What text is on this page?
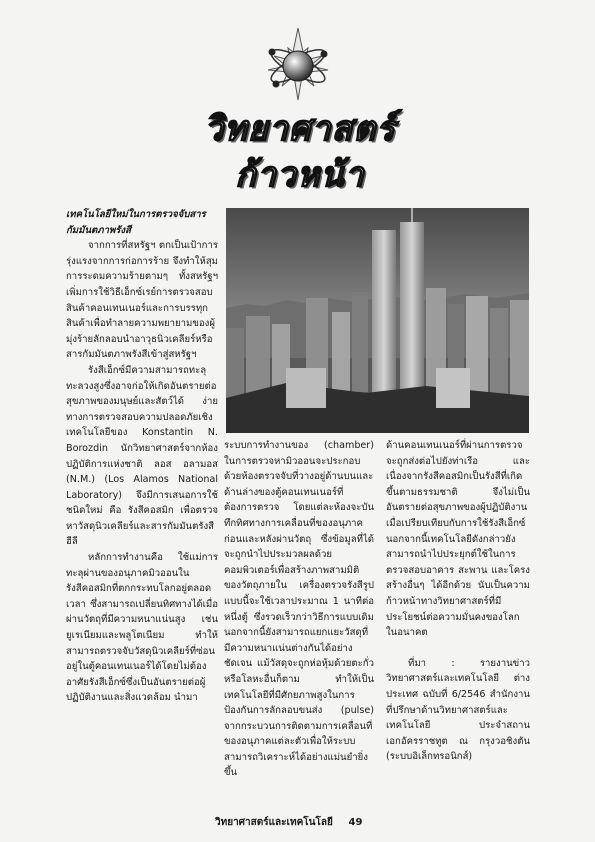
วิทยาศาสตร์ก้าวหน้า

เทคโนโลยีใหม่ในการตรวจจับสารกัมมันตภาพรังสี

จากการที่สหรัฐฯ ตกเป็นเป้าการรุ่งแรงจากการก่อการร้าย จึงทำให้สุมการระดมความร้ายตามๆ ทั้งสหรัฐฯ เพิ่มการใช้วิธีเอ็กซ์เรย์การตรวจสอบสินค้าคอนเทนเนอร์และการบรรทุกสินค้าเพื่อทำลายความพยายามของผู้มุ่งร้ายลักลอบนำอาวุธนิวเคลียร์หรือสารกัมมันตภาพรังสีเข้าสู่สหรัฐฯ

รังสีเอ็กซ์มีความสามารถทะลุทะลวงสูงซึ่งอาจก่อให้เกิดอันตรายต่อสุขภาพของมนุษย์และสัตว์ได้ ง่ายทางการตรวจสอบความปลอดภัยเชิงเทคโนโลยีของ Konstantin N. Borozdin นักวิทยาศาสตร์จากห้องปฏิบัติการแห่งชาติ ลอส อลามอส (N.M.) (Los Alamos National Laboratory) จึงมีการเสนอการใช้ชนิดใหม่ คือ รังสีคอสมิก เพื่อตรวจหาวัสดุนิวเคลียร์และสารกัมมันตรังสี ฮีลี

หลักการทำงานคือ ใช้แม่การทะลุผ่านของอนุภาคมิวออนในรังสีคอสมิกที่ตกกระทบโลกอยู่ตลอดเวลา ซึ่งสามารถเปลี่ยนทิศทางได้เมื่อผ่านวัตถุที่มีความหนาแน่นสูง เช่น ยูเรเนียมและพลูโตเนียม ทำให้สามารถตรวจจับวัสดุนิวเคลียร์ที่ซ่อนอยู่ในตู้คอนเทนเนอร์ได้โดยไม่ต้องอาศัยรังสีเอ็กซ์ซึ่งเป็นอันตรายต่อผู้ปฏิบัติงานและสิ่งแวดล้อม นำมา

ระบบการทำงานของ (chamber) ในการตรวจหามิวออนจะประกอบด้วยห้องตรวจจับที่วางอยู่ด้านบนและด้านล่างของตู้คอนเทนเนอร์ที่ต้องการตรวจ โดยแต่ละห้องจะบันทึกทิศทางการเคลื่อนที่ของอนุภาคก่อนและหลังผ่านวัตถุ ซึ่งข้อมูลที่ได้จะถูกนำไปประมวลผลด้วยคอมพิวเตอร์เพื่อสร้างภาพสามมิติของวัตถุภายใน เครื่องตรวจรังสีรูปแบบนี้จะใช้เวลาประมาณ 1 นาทีต่อหนึ่งตู้ ซึ่งรวดเร็วกว่าวิธีการแบบเดิม นอกจากนี้ยังสามารถแยกแยะวัสดุที่มีความหนาแน่นต่างกันได้อย่างชัดเจน แม้วัสดุจะถูกห่อหุ้มด้วยตะกั่วหรือโลหะอื่นก็ตาม ทำให้เป็นเทคโนโลยีที่มีศักยภาพสูงในการป้องกันการลักลอบขนส่ง (pulse) จากกระบวนการติดตามการเคลื่อนที่ของอนุภาคแต่ละตัวเพื่อให้ระบบสามารถวิเคราะห์ได้อย่างแม่นยำยิ่งขึ้น

ด้านคอนเทนเนอร์ที่ผ่านการตรวจจะถูกส่งต่อไปยังท่าเรือ และเนื่องจากรังสีคอสมิกเป็นรังสีที่เกิดขึ้นตามธรรมชาติ จึงไม่เป็นอันตรายต่อสุขภาพของผู้ปฏิบัติงาน เมื่อเปรียบเทียบกับการใช้รังสีเอ็กซ์ นอกจากนี้เทคโนโลยีดังกล่าวยังสามารถนำไปประยุกต์ใช้ในการตรวจสอบอาคาร สะพาน และโครงสร้างอื่นๆ ได้อีกด้วย นับเป็นความก้าวหน้าทางวิทยาศาสตร์ที่มีประโยชน์ต่อความมั่นคงของโลกในอนาคต

ที่มา : รายงานข่าววิทยาศาสตร์และเทคโนโลยี ต่างประเทศ ฉบับที่ 6/2546 สำนักงานที่ปรึกษาด้านวิทยาศาสตร์และเทคโนโลยี ประจำสถานเอกอัครราชทูต ณ กรุงวอชิงตัน (ระบบอิเล็กทรอนิกส์)

วิทยาศาสตร์และเทคโนโลยี 49
